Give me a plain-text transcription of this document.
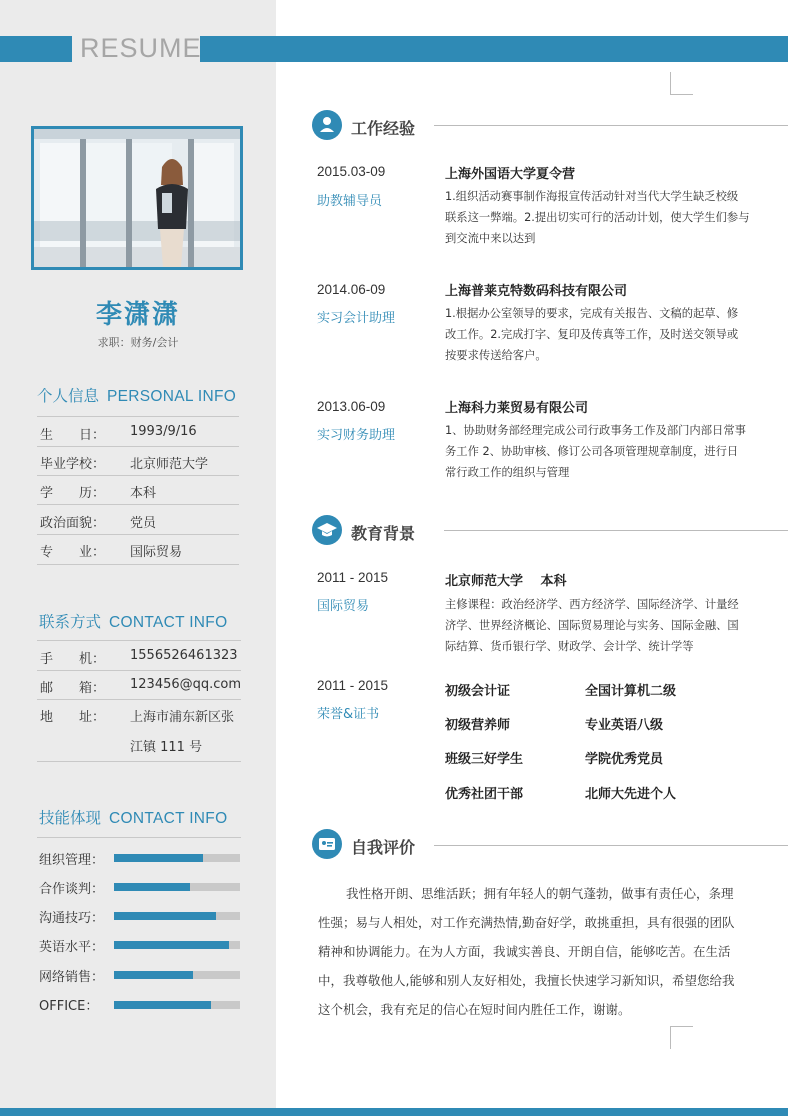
RESUME
李潇潇
求职：财务/会计
个人信息 PERSONAL INFO
生　　日： 1993/9/16
毕业学校： 北京师范大学
学　　历： 本科
政治面貌： 党员
专　　业： 国际贸易
联系方式 CONTACT INFO
手　　机： 1556526461323
邮　　箱： 123456@qq.com
地　　址： 上海市浦东新区张
江镇 111 号
技能体现 CONTACT INFO
组织管理：
合作谈判：
沟通技巧：
英语水平：
网络销售：
OFFICE：
工作经验
2015.03-09
助教辅导员
上海外国语大学夏令营
1.组织活动赛事制作海报宣传活动针对当代大学生缺乏校级
联系这一弊端。2.提出切实可行的活动计划，使大学生们参与
到交流中来以达到
2014.06-09
实习会计助理
上海普莱克特数码科技有限公司
1.根据办公室领导的要求，完成有关报告、文稿的起草、修
改工作。2.完成打字、复印及传真等工作，及时送交领导或
按要求传送给客户。
2013.06-09
实习财务助理
上海科力莱贸易有限公司
1、协助财务部经理完成公司行政事务工作及部门内部日常事
务工作 2、协助审核、修订公司各项管理规章制度，进行日
常行政工作的组织与管理
教育背景
2011 - 2015
国际贸易
北京师范大学　 本科
主修课程：政治经济学、西方经济学、国际经济学、计量经
济学、世界经济概论、国际贸易理论与实务、国际金融、国
际结算、货币银行学、财政学、会计学、统计学等
2011 - 2015
荣誉&证书
初级会计证	全国计算机二级
初级营养师	专业英语八级
班级三好学生	学院优秀党员
优秀社团干部	北师大先进个人
自我评价
我性格开朗、思维活跃；拥有年轻人的朝气蓬勃，做事有责任心，条理
性强；易与人相处，对工作充满热情,勤奋好学，敢挑重担，具有很强的团队
精神和协调能力。在为人方面，我诚实善良、开朗自信，能够吃苦。在生活
中，我尊敬他人,能够和别人友好相处，我擅长快速学习新知识，希望您给我
这个机会，我有充足的信心在短时间内胜任工作，谢谢。
